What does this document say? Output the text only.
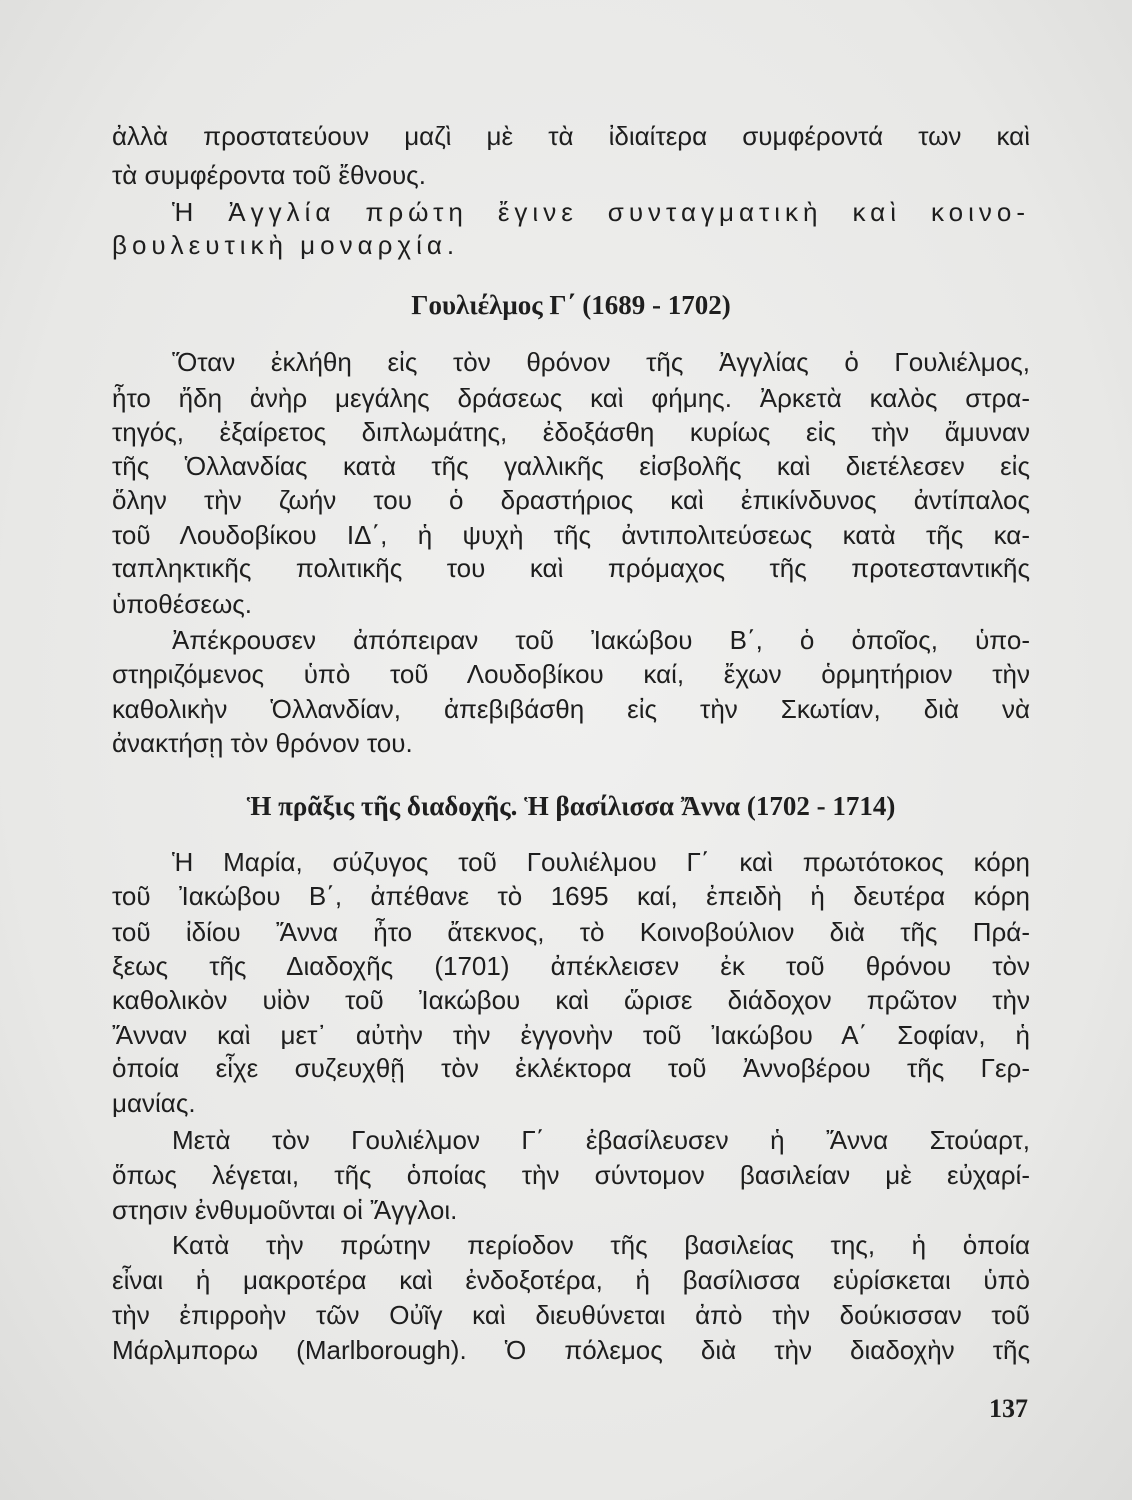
ἀλλὰ προστατεύουν μαζὶ μὲ τὰ ἰδιαίτερα συμφέροντά των καὶ
τὰ συμφέροντα τοῦ ἔθνους.
Ἡ Ἀγγλία πρώτη ἔγινε συνταγματικὴ καὶ κοινο-
βουλευτικὴ μοναρχία.
Γουλιέλμος Γ΄ (1689 - 1702)
Ὅταν ἐκλήθη εἰς τὸν θρόνον τῆς Ἀγγλίας ὁ Γουλιέλμος,
ἦτο ἤδη ἀνὴρ μεγάλης δράσεως καὶ φήμης. Ἀρκετὰ καλὸς στρα-
τηγός, ἐξαίρετος διπλωμάτης, ἐδοξάσθη κυρίως εἰς τὴν ἄμυναν
τῆς Ὁλλανδίας κατὰ τῆς γαλλικῆς εἰσβολῆς καὶ διετέλεσεν εἰς
ὅλην τὴν ζωήν του ὁ δραστήριος καὶ ἐπικίνδυνος ἀντίπαλος
τοῦ Λουδοβίκου ΙΔ΄, ἡ ψυχὴ τῆς ἀντιπολιτεύσεως κατὰ τῆς κα-
ταπληκτικῆς πολιτικῆς του καὶ πρόμαχος τῆς προτεσταντικῆς
ὑποθέσεως.
Ἀπέκρουσεν ἀπόπειραν τοῦ Ἰακώβου Β΄, ὁ ὁποῖος, ὑπο-
στηριζόμενος ὑπὸ τοῦ Λουδοβίκου καί, ἔχων ὁρμητήριον τὴν
καθολικὴν Ὁλλανδίαν, ἀπεβιβάσθη εἰς τὴν Σκωτίαν, διὰ νὰ
ἀνακτήσῃ τὸν θρόνον του.
Ἡ πρᾶξις τῆς διαδοχῆς. Ἡ βασίλισσα Ἄννα (1702 - 1714)
Ἡ Μαρία, σύζυγος τοῦ Γουλιέλμου Γ΄ καὶ πρωτότοκος κόρη
τοῦ Ἰακώβου Β΄, ἀπέθανε τὸ 1695 καί, ἐπειδὴ ἡ δευτέρα κόρη
τοῦ ἰδίου Ἄννα ἦτο ἄτεκνος, τὸ Κοινοβούλιον διὰ τῆς Πρά-
ξεως τῆς Διαδοχῆς (1701) ἀπέκλεισεν ἐκ τοῦ θρόνου τὸν
καθολικὸν υἱὸν τοῦ Ἰακώβου καὶ ὥρισε διάδοχον πρῶτον τὴν
Ἄνναν καὶ μετ᾽ αὐτὴν τὴν ἐγγονὴν τοῦ Ἰακώβου Α΄ Σοφίαν, ἡ
ὁποία εἶχε συζευχθῇ τὸν ἐκλέκτορα τοῦ Ἀννοβέρου τῆς Γερ-
μανίας.
Μετὰ τὸν Γουλιέλμον Γ΄ ἐβασίλευσεν ἡ Ἄννα Στούαρτ,
ὅπως λέγεται, τῆς ὁποίας τὴν σύντομον βασιλείαν μὲ εὐχαρί-
στησιν ἐνθυμοῦνται οἱ Ἄγγλοι.
Κατὰ τὴν πρώτην περίοδον τῆς βασιλείας της, ἡ ὁποία
εἶναι ἡ μακροτέρα καὶ ἐνδοξοτέρα, ἡ βασίλισσα εὑρίσκεται ὑπὸ
τὴν ἐπιρροὴν τῶν Οὐῖγ καὶ διευθύνεται ἀπὸ τὴν δούκισσαν τοῦ
Μάρλμπορω (Marlborough). Ὁ πόλεμος διὰ τὴν διαδοχὴν τῆς
137
